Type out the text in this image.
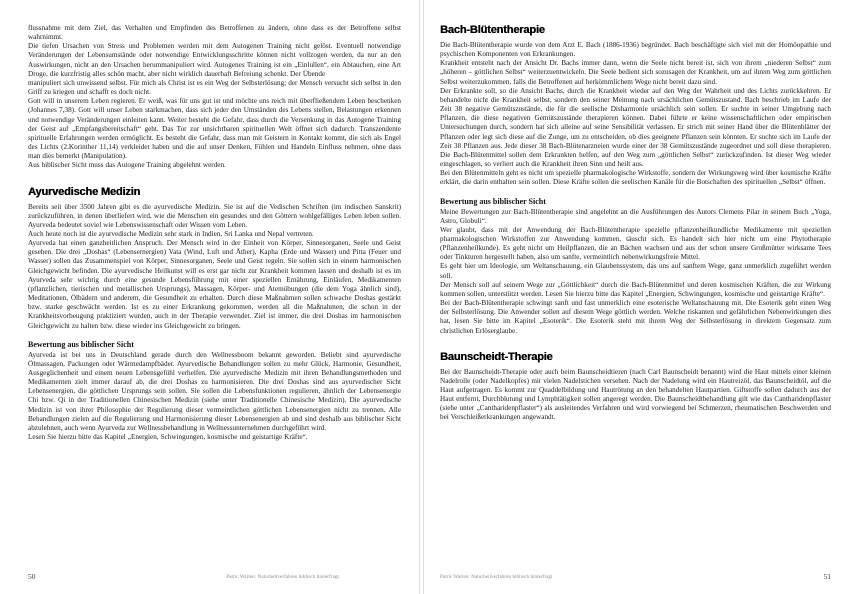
flussnahme mit dem Ziel, das Verhalten und Empfinden des Betroffenen zu ändern, ohne dass es der Betroffene selbst wahrnimmt.

Die tiefen Ursachen von Stress und Problemen werden mit dem Autogenen Training nicht gelöst. Eventuell notwendige Veränderungen der Lebensumstände oder notwendige Entwicklungsschritte können nicht vollzogen werden, da nur an den Auswirkungen, nicht an den Ursachen herummanipuliert wird. Autogenes Training ist ein „Einlullen“, ein Abtauchen, eine Art Droge, die kurzfristig alles schön macht, aber nicht wirklich dauerhaft Befreiung schenkt. Der Übende

manipuliert sich unwissend selbst. Für mich als Christ ist es ein Weg der Selbsterlösung; der Mensch versucht sich selbst in den Griff zu kriegen und schafft es doch nicht.

Gott will in unserem Leben regieren. Er weiß, was für uns gut ist und möchte uns reich mit überfließendem Leben beschenken (Johannes 7,38). Gott will unser Leben starkmachen, dass sich jeder den Umständen des Lebens stellen, Belastungen erkennen und notwendige Veränderungen einleiten kann. Weiter besteht die Gefahr, dass durch die Versenkung in das Autogene Training der Geist auf „Empfangsbereitschaft“ geht. Das Tor zur unsichtbaren spirituellen Welt öffnet sich dadurch. Transzendente spirituelle Erfahrungen werden ermöglicht. Es besteht die Gefahr, dass man mit Geistern in Kontakt kommt, die sich als Engel des Lichts (2.Korinther 11,14) verkleidet haben und die auf unser Denken, Fühlen und Handeln Einfluss nehmen, ohne dass man dies bemerkt (Manipulation).

Aus biblischer Sicht muss das Autogene Training abgelehnt werden.

Ayurvedische Medizin

Bereits seit über 3500 Jahren gibt es die ayurvedische Medizin. Sie ist auf die Vedischen Schriften (im indischen Sanskrit) zurückzuführen, in denen überliefert wird, wie die Menschen ein gesundes und den Göttern wohlgefälliges Leben leben sollen. Ayurveda bedeutet soviel wie Lebenswissenschaft oder Wissen vom Leben.

Auch heute noch ist die ayurvedische Medizin sehr stark in Indien, Sri Lanka und Nepal vertreten.

Ayurveda hat einen ganzheitlichen Anspruch. Der Mensch wird in der Einheit von Körper, Sinnesorganen, Seele und Geist gesehen. Die drei „Doshas“ (Lebensernergien) Vata (Wind, Luft und Äther), Kapha (Erde und Wasser) und Pitta (Feuer und Wasser) sollen das Zusammenspiel von Körper, Sinnesorganen, Seele und Geist regeln. Sie sollen sich in einem harmonischen Gleichgewicht befinden. Die ayurvedische Heilkunst will es erst gar nicht zur Krankheit kommen lassen und deshalb ist es im Ayurveda sehr wichtig durch eine gesunde Lebensführung mit einer speziellen Ernährung, Einläufen, Medikamenten (pflanzlichen, tierischen und metallischen Ursprungs), Massagen, Körper- und Atemübungen (die dem Yoga ähnlich sind), Meditationen, Ölbädern und anderem, die Gesundheit zu erhalten. Durch diese Maßnahmen sollen schwache Doshas gestärkt bzw. starke geschwächt werden. Ist es zu einer Erkrankung gekommen, werden all die Maßnahmen, die schon in der Krankheitsvorbeugung praktiziert wurden, auch in der Therapie verwendet. Ziel ist immer, die drei Doshas im harmonischen Gleichgewicht zu halten bzw. diese wieder ins Gleichgewicht zu bringen.

Bewertung aus biblischer Sicht

Ayurveda ist bei uns in Deutschland gerade durch den Wellnessboom bekannt geworden. Beliebt sind ayurvedische Ölmassagen, Packungen oder Wärmedampfbäder. Ayurvedische Behandlungen sollen zu mehr Glück, Harmonie, Gesundheit, Ausgeglichenheit und einem neuen Lebensgefühl verhelfen. Die ayurvedische Medizin mit ihren Behandlungsmethoden und Medikamenten zielt immer darauf ab, die drei Doshas zu harmonisieren. Die drei Doshas sind aus ayurvedischer Sicht Lebensenergien, die göttlichen Ursprungs sein sollen. Sie sollen die Lebensfunktionen regulieren, ähnlich der Lebensenergie Chi bzw. Qi in der Traditionellen Chinesischen Medizin (siehe unter Traditionelle Chinesische Medizin). Die ayurvedische Medizin ist von ihrer Philosophie der Regulierung dieser vermeintlichen göttlichen Lebensenergien nicht zu trennen. Alle Behandlungen zielen auf die Regulierung und Harmonisierung dieser Lebensenergien ab und sind deshalb aus biblischer Sicht abzulehnen, auch wenn Ayurveda zur Wellnessbehandlung in Wellnessunternehmen durchgeführt wird.

Lesen Sie hierzu bitte das Kapitel „Energien, Schwingungen, kosmische und geistartige Kräfte“.

50	Patric Warten: Naturheilverfahren biblisch hinterfragt
Bach-Blütentherapie

Die Bach-Blütentherapie wurde von dem Arzt E. Bach (1886-1936) begründet. Bach beschäftigte sich viel mit der Homöopathie und psychischen Komponenten von Erkrankungen.

Krankheit entsteht nach der Ansicht Dr. Bachs immer dann, wenn die Seele nicht bereit ist, sich von ihrem „niederen Selbst“ zum „höheren – göttlichen Selbst“ weiterzuentwickeln. Die Seele bedient sich sozusagen der Krankheit, um auf ihrem Weg zum göttlichen Selbst weiterzukommen, falls die Betroffenen auf herkömmlichem Wege nicht bereit dazu sind.

Der Erkrankte soll, so die Ansicht Bachs, durch die Krankheit wieder auf den Weg der Wahrheit und des Lichts zurückkehren. Er behandelte nicht die Krankheit selbst, sondern den seiner Meinung nach ursächlichen Gemütszustand. Bach beschrieb im Laufe der Zeit 38 negative Gemütszustände, die für die seelische Disharmonie ursächlich sein sollen. Er suchte in seiner Umgebung nach Pflanzen, die diese negativen Gemütszustände therapieren können. Dabei führte er keine wissenschaftlichen oder empirischen Untersuchungen durch, sondern hat sich alleine auf seine Sensibilität verlassen. Er strich mit seiner Hand über die Blütenblätter der Pflanzen oder legt sich diese auf die Zunge, um zu entscheiden, ob dies geeignete Pflanzen sein könnten. Er suchte sich im Laufe der Zeit 38 Pflanzen aus. Jede dieser 38 Bach-Blütenarzneien wurde einer der 38 Gemütszustände zugeordnet und soll diese therapieren. Die Bach-Blütenmittel sollen dem Erkrankten helfen, auf den Weg zum „göttlichen Selbst“ zurückzufinden. Ist dieser Weg wieder eingeschlagen, so verliert auch die Krankheit ihren Sinn und heilt aus.

Bei den Blütenmitteln geht es nicht um spezielle pharmakologische Wirkstoffe, sondern der Wirkungsweg wird über kosmische Kräfte erklärt, die darin enthalten sein sollen. Diese Kräfte sollen die seelischen Kanäle für die Botschaften des spirituellen „Selbst“ öffnen.

Bewertung aus biblischer Sicht

Meine Bewertungen zur Bach-Blütentherapie sind angelehnt an die Ausführungen des Autors Clemens Pilar in seinem Buch „Yoga, Astro, Globuli“.

Wer glaubt, dass mit der Anwendung der Bach-Blütentherapie spezielle pflanzenheilkundliche Medikamente mit speziellen pharmakologischen Wirkstoffen zur Anwendung kommen, täuscht sich. Es handelt sich hier nicht um eine Phytotherapie (Pflanzenheilkunde). Es geht nicht um Heilpflanzen, die an Bächen wachsen und aus der schon unsere Großmütter wirksame Tees oder Tinkturen hergestellt haben, also um sanfte, vermeintlich nebenwirkungsfreie Mittel.

Es geht hier um Ideologie, um Weltanschauung, ein Glaubenssystem, das uns auf sanftem Wege, ganz unmerklich zugeführt werden soll.

Der Mensch soll auf seinem Wege zur „Göttlichkeit“ durch die Bach-Blütenmittel und deren kosmischen Kräften, die zur Wirkung kommen sollen, unterstützt werden. Lesen Sie hierzu bitte das Kapitel „Energien, Schwingungen, kosmische und geistartige Kräfte“.

Bei der Bach-Blütentherapie schwingt sanft und fast unmerklich eine esoterische Weltanschauung mit. Die Esoterik geht einen Weg der Selbsterlösung. Die Anwender sollen auf diesem Wege göttlich werden. Welche riskanten und gefährlichen Nebenwirkungen dies hat, lesen Sie bitte im Kapitel „Esoterik“. Die Esoterik steht mit ihrem Weg der Selbsterlösung in direktem Gegensatz zum christlichen Erlöserglaube.

Baunscheidt-Therapie

Bei der Baunscheidt-Therapie oder auch beim Baunscheidtieren (nach Carl Baunscheidt benannt) wird die Haut mittels einer kleinen Nadelrolle (oder Nadelkopfes) mit vielen Nadelstichen versehen. Nach der Nadelung wird ein Hautreizöl, das Baunscheidtöl, auf die Haut aufgetragen. Es kommt zur Quaddelbildung und Hautrötung an den behandelten Hautpartien. Giftstoffe sollen dadurch aus der Haut entfernt, Durchblutung und Lymphtätigkeit sollen angeregt werden. Die Baunscheidtbehandlung gilt wie das Cantharidenpflaster (siehe unter „Cantharidenpflaster“) als ausleitendes Verfahren und wird vorwiegend bei Schmerzen, rheumatischen Beschwerden und bei Verschleißerkrankungen angewandt.

Patric Warten: Naturheilverfahren biblisch hinterfragt	51
